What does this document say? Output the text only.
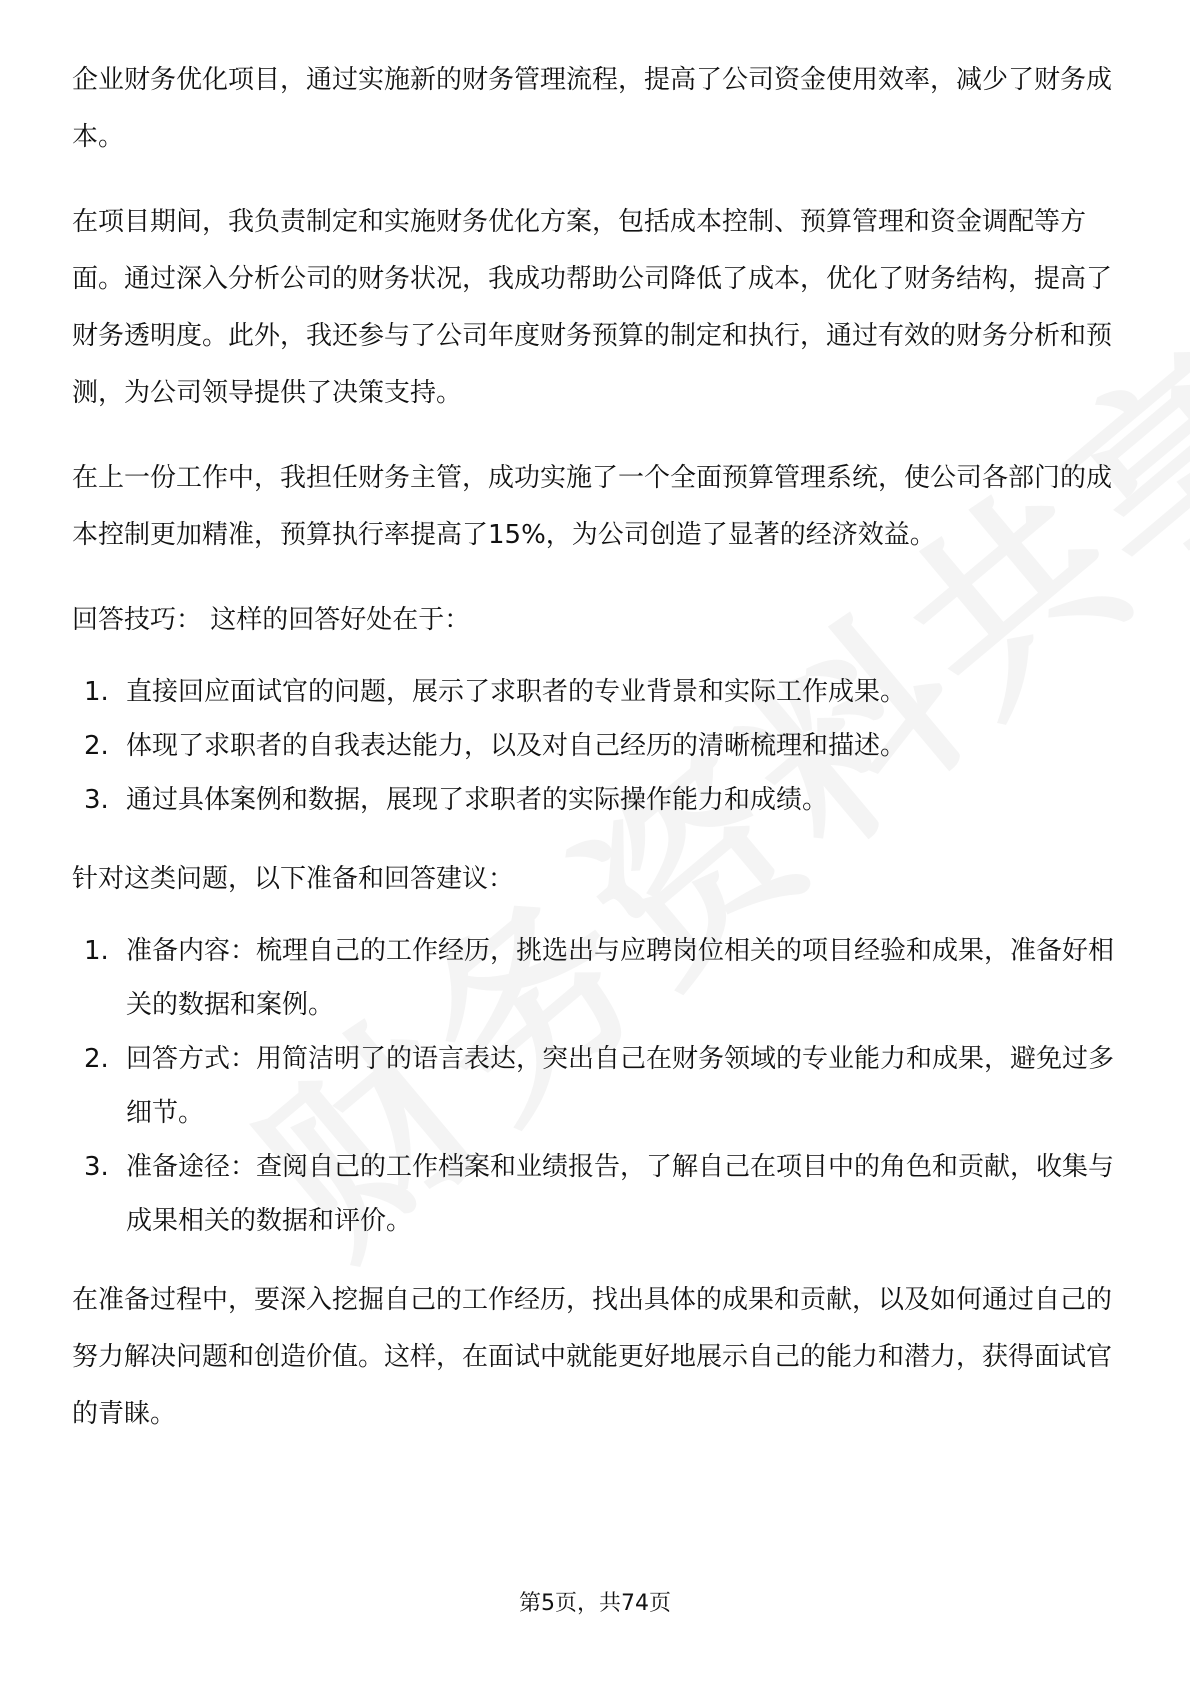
企业财务优化项目，通过实施新的财务管理流程，提高了公司资金使用效率，减少了财务成本。

在项目期间，我负责制定和实施财务优化方案，包括成本控制、预算管理和资金调配等方面。通过深入分析公司的财务状况，我成功帮助公司降低了成本，优化了财务结构，提高了财务透明度。此外，我还参与了公司年度财务预算的制定和执行，通过有效的财务分析和预测，为公司领导提供了决策支持。

在上一份工作中，我担任财务主管，成功实施了一个全面预算管理系统，使公司各部门的成本控制更加精准，预算执行率提高了15%，为公司创造了显著的经济效益。

回答技巧： 这样的回答好处在于：

1. 直接回应面试官的问题，展示了求职者的专业背景和实际工作成果。
2. 体现了求职者的自我表达能力，以及对自己经历的清晰梳理和描述。
3. 通过具体案例和数据，展现了求职者的实际操作能力和成绩。

针对这类问题，以下准备和回答建议：

1. 准备内容：梳理自己的工作经历，挑选出与应聘岗位相关的项目经验和成果，准备好相关的数据和案例。
2. 回答方式：用简洁明了的语言表达，突出自己在财务领域的专业能力和成果，避免过多细节。
3. 准备途径：查阅自己的工作档案和业绩报告，了解自己在项目中的角色和贡献，收集与成果相关的数据和评价。

在准备过程中，要深入挖掘自己的工作经历，找出具体的成果和贡献，以及如何通过自己的努力解决问题和创造价值。这样，在面试中就能更好地展示自己的能力和潜力，获得面试官的青睐。

第5页，共74页
